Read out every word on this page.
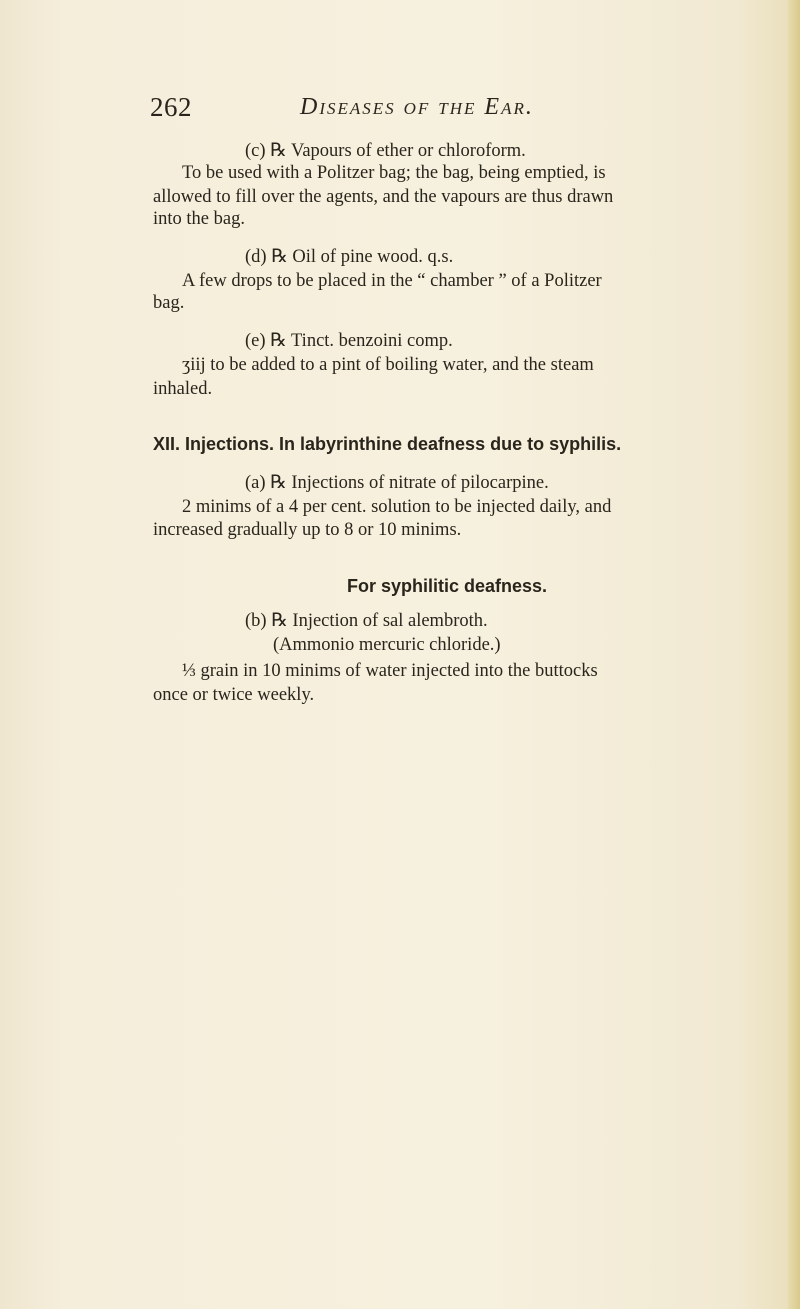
262	Diseases of the Ear.
(c) ℞ Vapours of ether or chloroform.
To be used with a Politzer bag; the bag, being emptied, is
allowed to fill over the agents, and the vapours are thus drawn
into the bag.
(d) ℞ Oil of pine wood. q.s.
A few drops to be placed in the “ chamber ” of a Politzer
bag.
(e) ℞ Tinct. benzoini comp.
ʒiij to be added to a pint of boiling water, and the steam
inhaled.
XII. Injections. In labyrinthine deafness due to syphilis.
(a) ℞ Injections of nitrate of pilocarpine.
2 minims of a 4 per cent. solution to be injected daily, and
increased gradually up to 8 or 10 minims.
For syphilitic deafness.
(b) ℞ Injection of sal alembroth.
(Ammonio mercuric chloride.)
⅓ grain in 10 minims of water injected into the buttocks
once or twice weekly.
